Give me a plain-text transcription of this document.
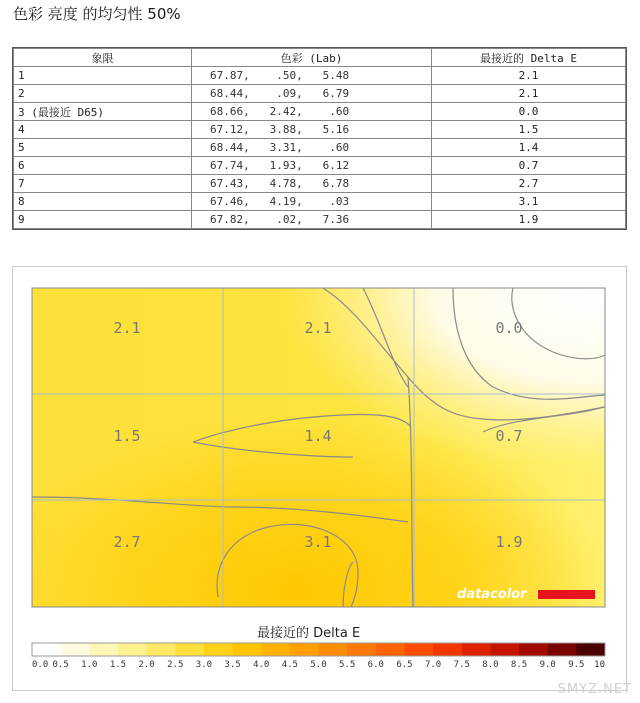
色彩 亮度 的均匀性 50%
象限	色彩 (Lab)	最接近的 Delta E
1	67.87,    .50,   5.48	2.1
2	68.44,    .09,   6.79	2.1
3 (最接近 D65)	68.66,   2.42,    .60	0.0
4	67.12,   3.88,   5.16	1.5
5	68.44,   3.31,    .60	1.4
6	67.74,   1.93,   6.12	0.7
7	67.43,   4.78,   6.78	2.7
8	67.46,   4.19,    .03	3.1
9	67.82,    .02,   7.36	1.9
2.1	2.1	0.0
1.5	1.4	0.7
2.7	3.1	1.9
datacolor
最接近的 Delta E
0.0 0.5 1.0 1.5 2.0 2.5 3.0 3.5 4.0 4.5 5.0 5.5 6.0 6.5 7.0 7.5 8.0 8.5 9.0 9.5 10
SMYZ.NET
